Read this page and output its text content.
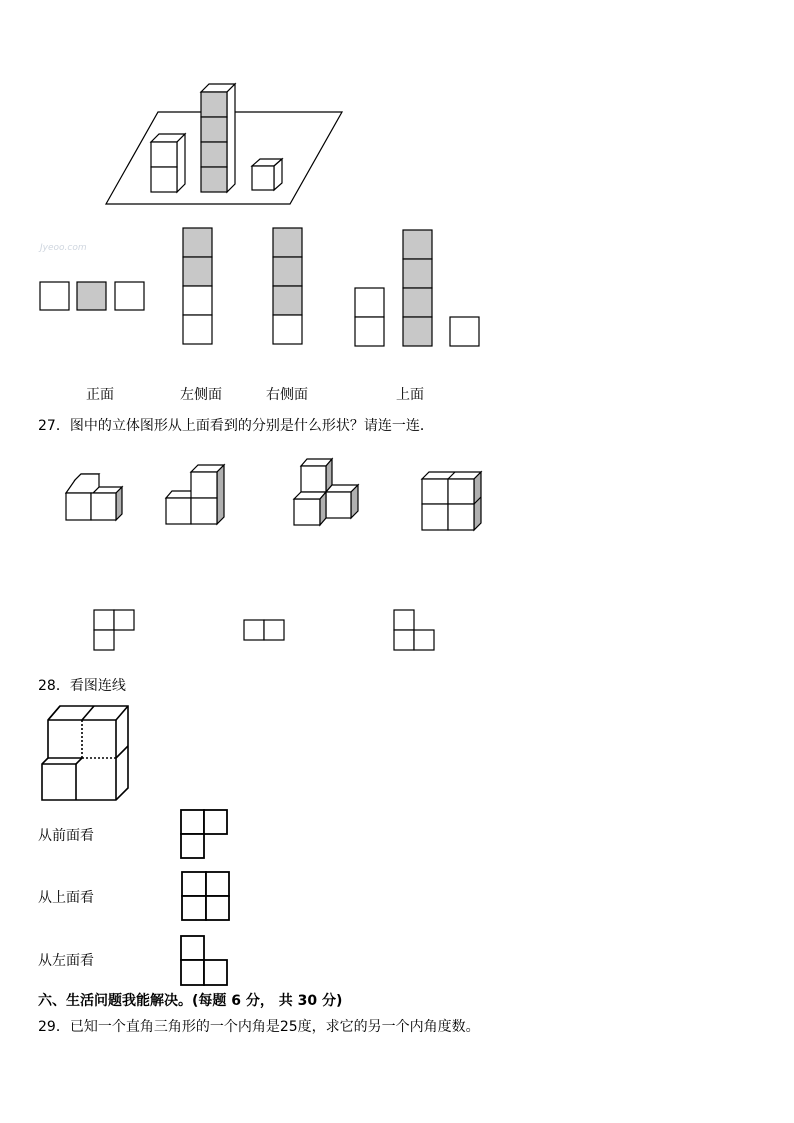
Jyeoo.com
正面	左侧面	右侧面	上面
27．图中的立体图形从上面看到的分别是什么形状？请连一连．
28．看图连线
从前面看
从上面看
从左面看
六、生活问题我能解决。(每题 6 分， 共 30 分)
29．已知一个直角三角形的一个内角是25度，求它的另一个内角度数。
